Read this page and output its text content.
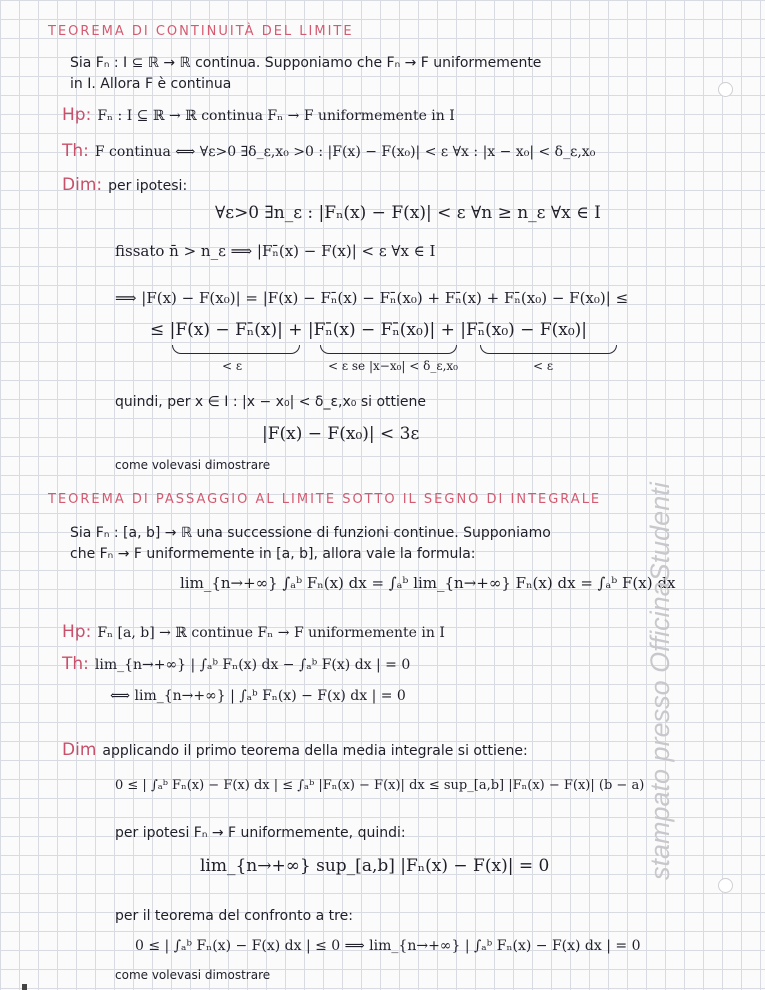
TEOREMA DI CONTINUITÀ DEL LIMITE
Sia Fₙ : I ⊆ ℝ → ℝ continua. Supponiamo che Fₙ → F uniformemente
in I. Allora F è continua
Hp: Fₙ : I ⊆ ℝ → ℝ continua Fₙ → F uniformemente in I
Th: F continua ⟺ ∀ε>0 ∃δ_ε,x₀ >0 : |F(x) − F(x₀)| < ε ∀x : |x − x₀| < δ_ε,x₀
Dim: per ipotesi:
∀ε>0 ∃n_ε : |Fₙ(x) − F(x)| < ε ∀n ≥ n_ε ∀x ∈ I
fissato n̄ > n_ε ⟹ |Fₙ̄(x) − F(x)| < ε ∀x ∈ I
⟹ |F(x) − F(x₀)| = |F(x) − Fₙ̄(x) − Fₙ̄(x₀) + Fₙ̄(x) + Fₙ̄(x₀) − F(x₀)| ≤
≤ |F(x) − Fₙ̄(x)| + |Fₙ̄(x) − Fₙ̄(x₀)| + |Fₙ̄(x₀) − F(x₀)|
< ε	< ε se |x−x₀| < δ_ε,x₀	< ε
quindi, per x ∈ I : |x − x₀| < δ_ε,x₀ si ottiene
|F(x) − F(x₀)| < 3ε
come volevasi dimostrare
TEOREMA DI PASSAGGIO AL LIMITE SOTTO IL SEGNO DI INTEGRALE
Sia Fₙ : [a, b] → ℝ una successione di funzioni continue. Supponiamo
che Fₙ → F uniformemente in [a, b], allora vale la formula:
lim_{n→+∞} ∫ₐᵇ Fₙ(x) dx = ∫ₐᵇ lim_{n→+∞} Fₙ(x) dx = ∫ₐᵇ F(x) dx
Hp: Fₙ [a, b] → ℝ continue Fₙ → F uniformemente in I
Th: lim_{n→+∞} | ∫ₐᵇ Fₙ(x) dx − ∫ₐᵇ F(x) dx | = 0
⟺ lim_{n→+∞} | ∫ₐᵇ Fₙ(x) − F(x) dx | = 0
Dim applicando il primo teorema della media integrale si ottiene:
0 ≤ | ∫ₐᵇ Fₙ(x) − F(x) dx | ≤ ∫ₐᵇ |Fₙ(x) − F(x)| dx ≤ sup_[a,b] |Fₙ(x) − F(x)| (b − a)
per ipotesi Fₙ → F uniformemente, quindi:
lim_{n→+∞} sup_[a,b] |Fₙ(x) − F(x)| = 0
per il teorema del confronto a tre:
0 ≤ | ∫ₐᵇ Fₙ(x) − F(x) dx | ≤ 0 ⟹ lim_{n→+∞} | ∫ₐᵇ Fₙ(x) − F(x) dx | = 0
come volevasi dimostrare
stampato presso OfficinaStudenti
